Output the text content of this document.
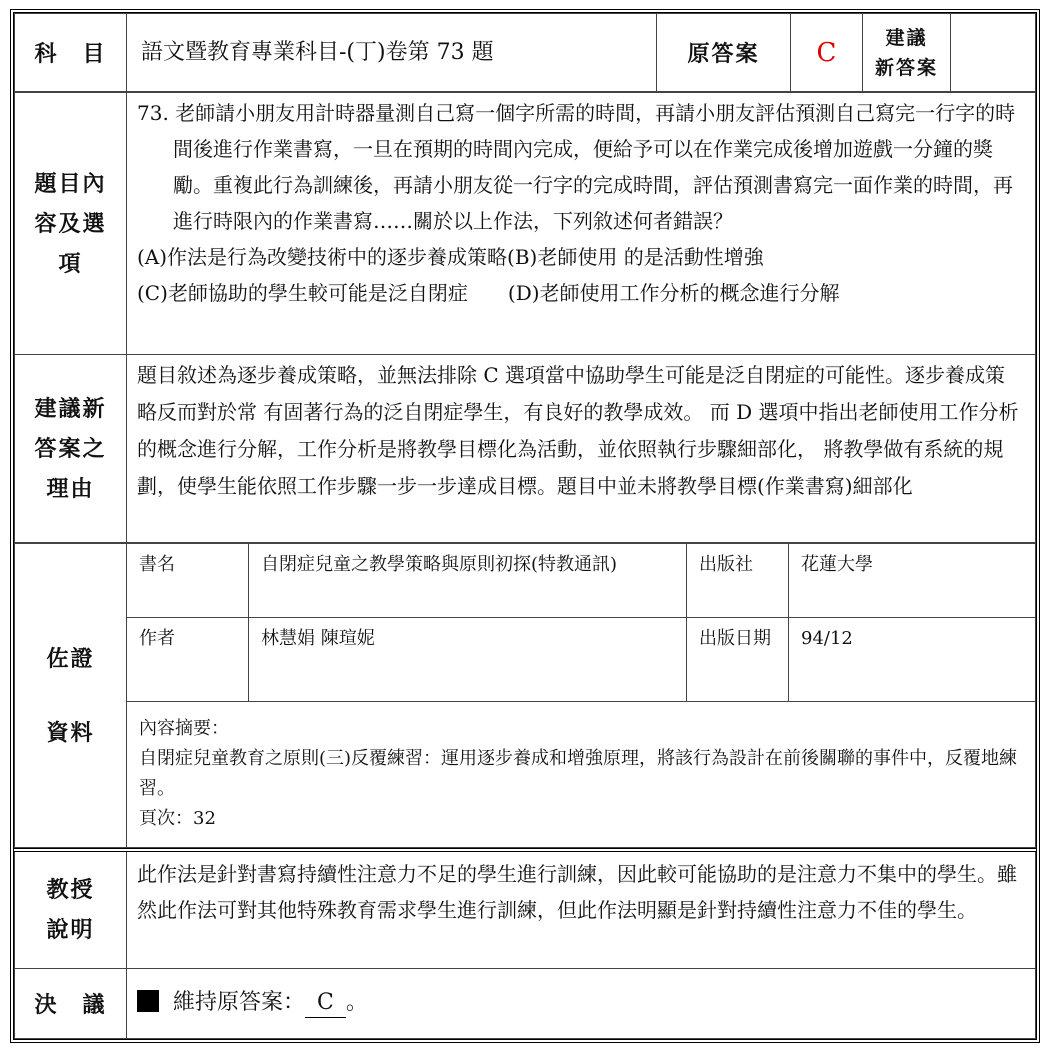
科　目	語文暨教育專業科目-(丁)卷第 73 題	原答案	C	建議
新答案

題目內容及選項	73. 老師請小朋友用計時器量測自己寫一個字所需的時間，再請小朋友評估預測自己寫完一行字的時間後進行作業書寫，一旦在預期的時間內完成，便給予可以在作業完成後增加遊戲一分鐘的獎勵。重複此行為訓練後，再請小朋友從一行字的完成時間，評估預測書寫完一面作業的時間，再進行時限內的作業書寫……關於以上作法，下列敘述何者錯誤？
(A)作法是行為改變技術中的逐步養成策略(B)老師使用 的是活動性增強
(C)老師協助的學生較可能是泛自閉症　　(D)老師使用工作分析的概念進行分解

建議新答案之理由	題目敘述為逐步養成策略，並無法排除 C 選項當中協助學生可能是泛自閉症的可能性。逐步養成策略反而對於常 有固著行為的泛自閉症學生，有良好的教學成效。 而 D 選項中指出老師使用工作分析的概念進行分解，工作分析是將教學目標化為活動，並依照執行步驟細部化， 將教學做有系統的規劃，使學生能依照工作步驟一步一步達成目標。題目中並未將教學目標(作業書寫)細部化
佐證
資料	書名	自閉症兒童之教學策略與原則初探(特教通訊)	出版社	花蓮大學
	作者	林慧娟 陳瑄妮	出版日期	94/12

	內容摘要：
自閉症兒童教育之原則(三)反覆練習：運用逐步養成和增強原理，將該行為設計在前後關聯的事件中，反覆地練習。
頁次：32			
教授
說明	此作法是針對書寫持續性注意力不足的學生進行訓練，因此較可能協助的是注意力不集中的學生。雖然此作法可對其他特殊教育需求學生進行訓練，但此作法明顯是針對持續性注意力不佳的學生。
決　議	維持原答案： C 。
